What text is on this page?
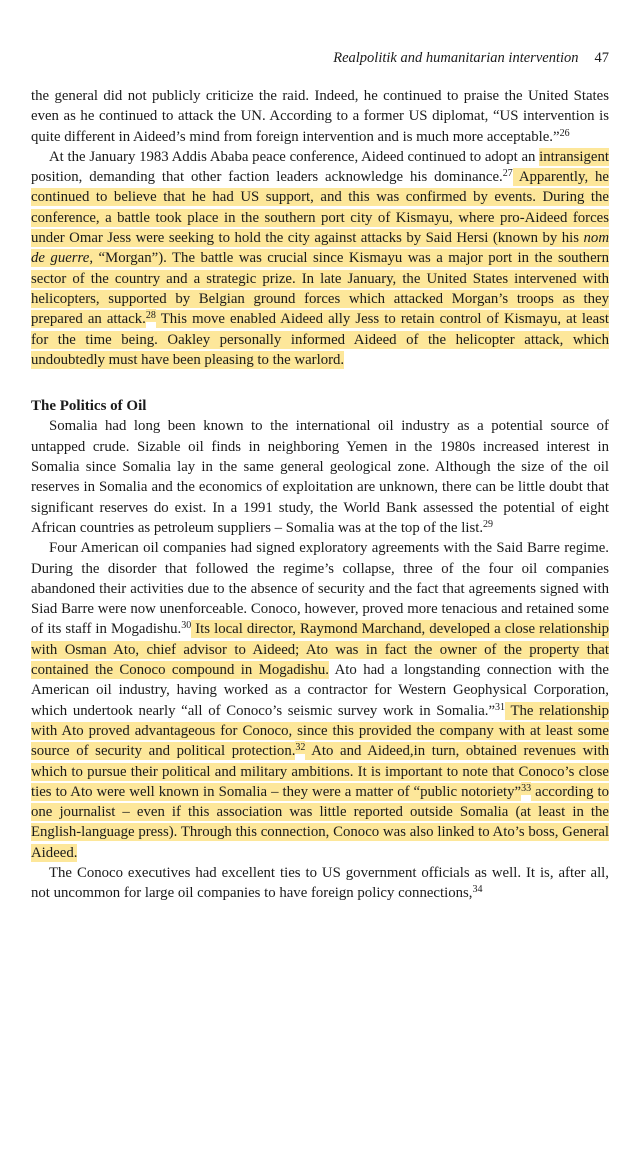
Realpolitik and humanitarian intervention 47

the general did not publicly criticize the raid. Indeed, he continued to praise the United States even as he continued to attack the UN. According to a former US diplomat, “US intervention is quite different in Aideed’s mind from foreign intervention and is much more acceptable.”$^{26}$

At the January 1983 Addis Ababa peace conference, Aideed continued to adopt an intransigent position, demanding that other faction leaders acknowledge his dominance.$^{27}$ Apparently, he continued to believe that he had US support, and this was confirmed by events. During the conference, a battle took place in the southern port city of Kismayu, where pro-Aideed forces under Omar Jess were seeking to hold the city against attacks by Said Hersi (known by his nom de guerre, “Morgan”). The battle was crucial since Kismayu was a major port in the southern sector of the country and a strategic prize. In late January, the United States intervened with helicopters, supported by Belgian ground forces which attacked Morgan’s troops as they prepared an attack.$^{28}$ This move enabled Aideed ally Jess to retain control of Kismayu, at least for the time being. Oakley personally informed Aideed of the helicopter attack, which undoubtedly must have been pleasing to the warlord.

The Politics of Oil

Somalia had long been known to the international oil industry as a potential source of untapped crude. Sizable oil finds in neighboring Yemen in the 1980s increased interest in Somalia since Somalia lay in the same general geological zone. Although the size of the oil reserves in Somalia and the economics of exploitation are unknown, there can be little doubt that significant reserves do exist. In a 1991 study, the World Bank assessed the potential of eight African countries as petroleum suppliers – Somalia was at the top of the list.$^{29}$

Four American oil companies had signed exploratory agreements with the Said Barre regime. During the disorder that followed the regime’s collapse, three of the four oil companies abandoned their activities due to the absence of security and the fact that agreements signed with Siad Barre were now unenforceable. Conoco, however, proved more tenacious and retained some of its staff in Mogadishu.$^{30}$ Its local director, Raymond Marchand, developed a close relationship with Osman Ato, chief advisor to Aideed; Ato was in fact the owner of the property that contained the Conoco compound in Mogadishu. Ato had a longstanding connection with the American oil industry, having worked as a contractor for Western Geophysical Corporation, which undertook nearly “all of Conoco’s seismic survey work in Somalia.”$^{31}$ The relationship with Ato proved advantageous for Conoco, since this provided the company with at least some source of security and political protection.$^{32}$ Ato and Aideed,in turn, obtained revenues with which to pursue their political and military ambitions. It is important to note that Conoco’s close ties to Ato were well known in Somalia – they were a matter of “public notoriety”$^{33}$ according to one journalist – even if this association was little reported outside Somalia (at least in the English-language press). Through this connection, Conoco was also linked to Ato’s boss, General Aideed.

The Conoco executives had excellent ties to US government officials as well. It is, after all, not uncommon for large oil companies to have foreign policy connections,$^{34}$
